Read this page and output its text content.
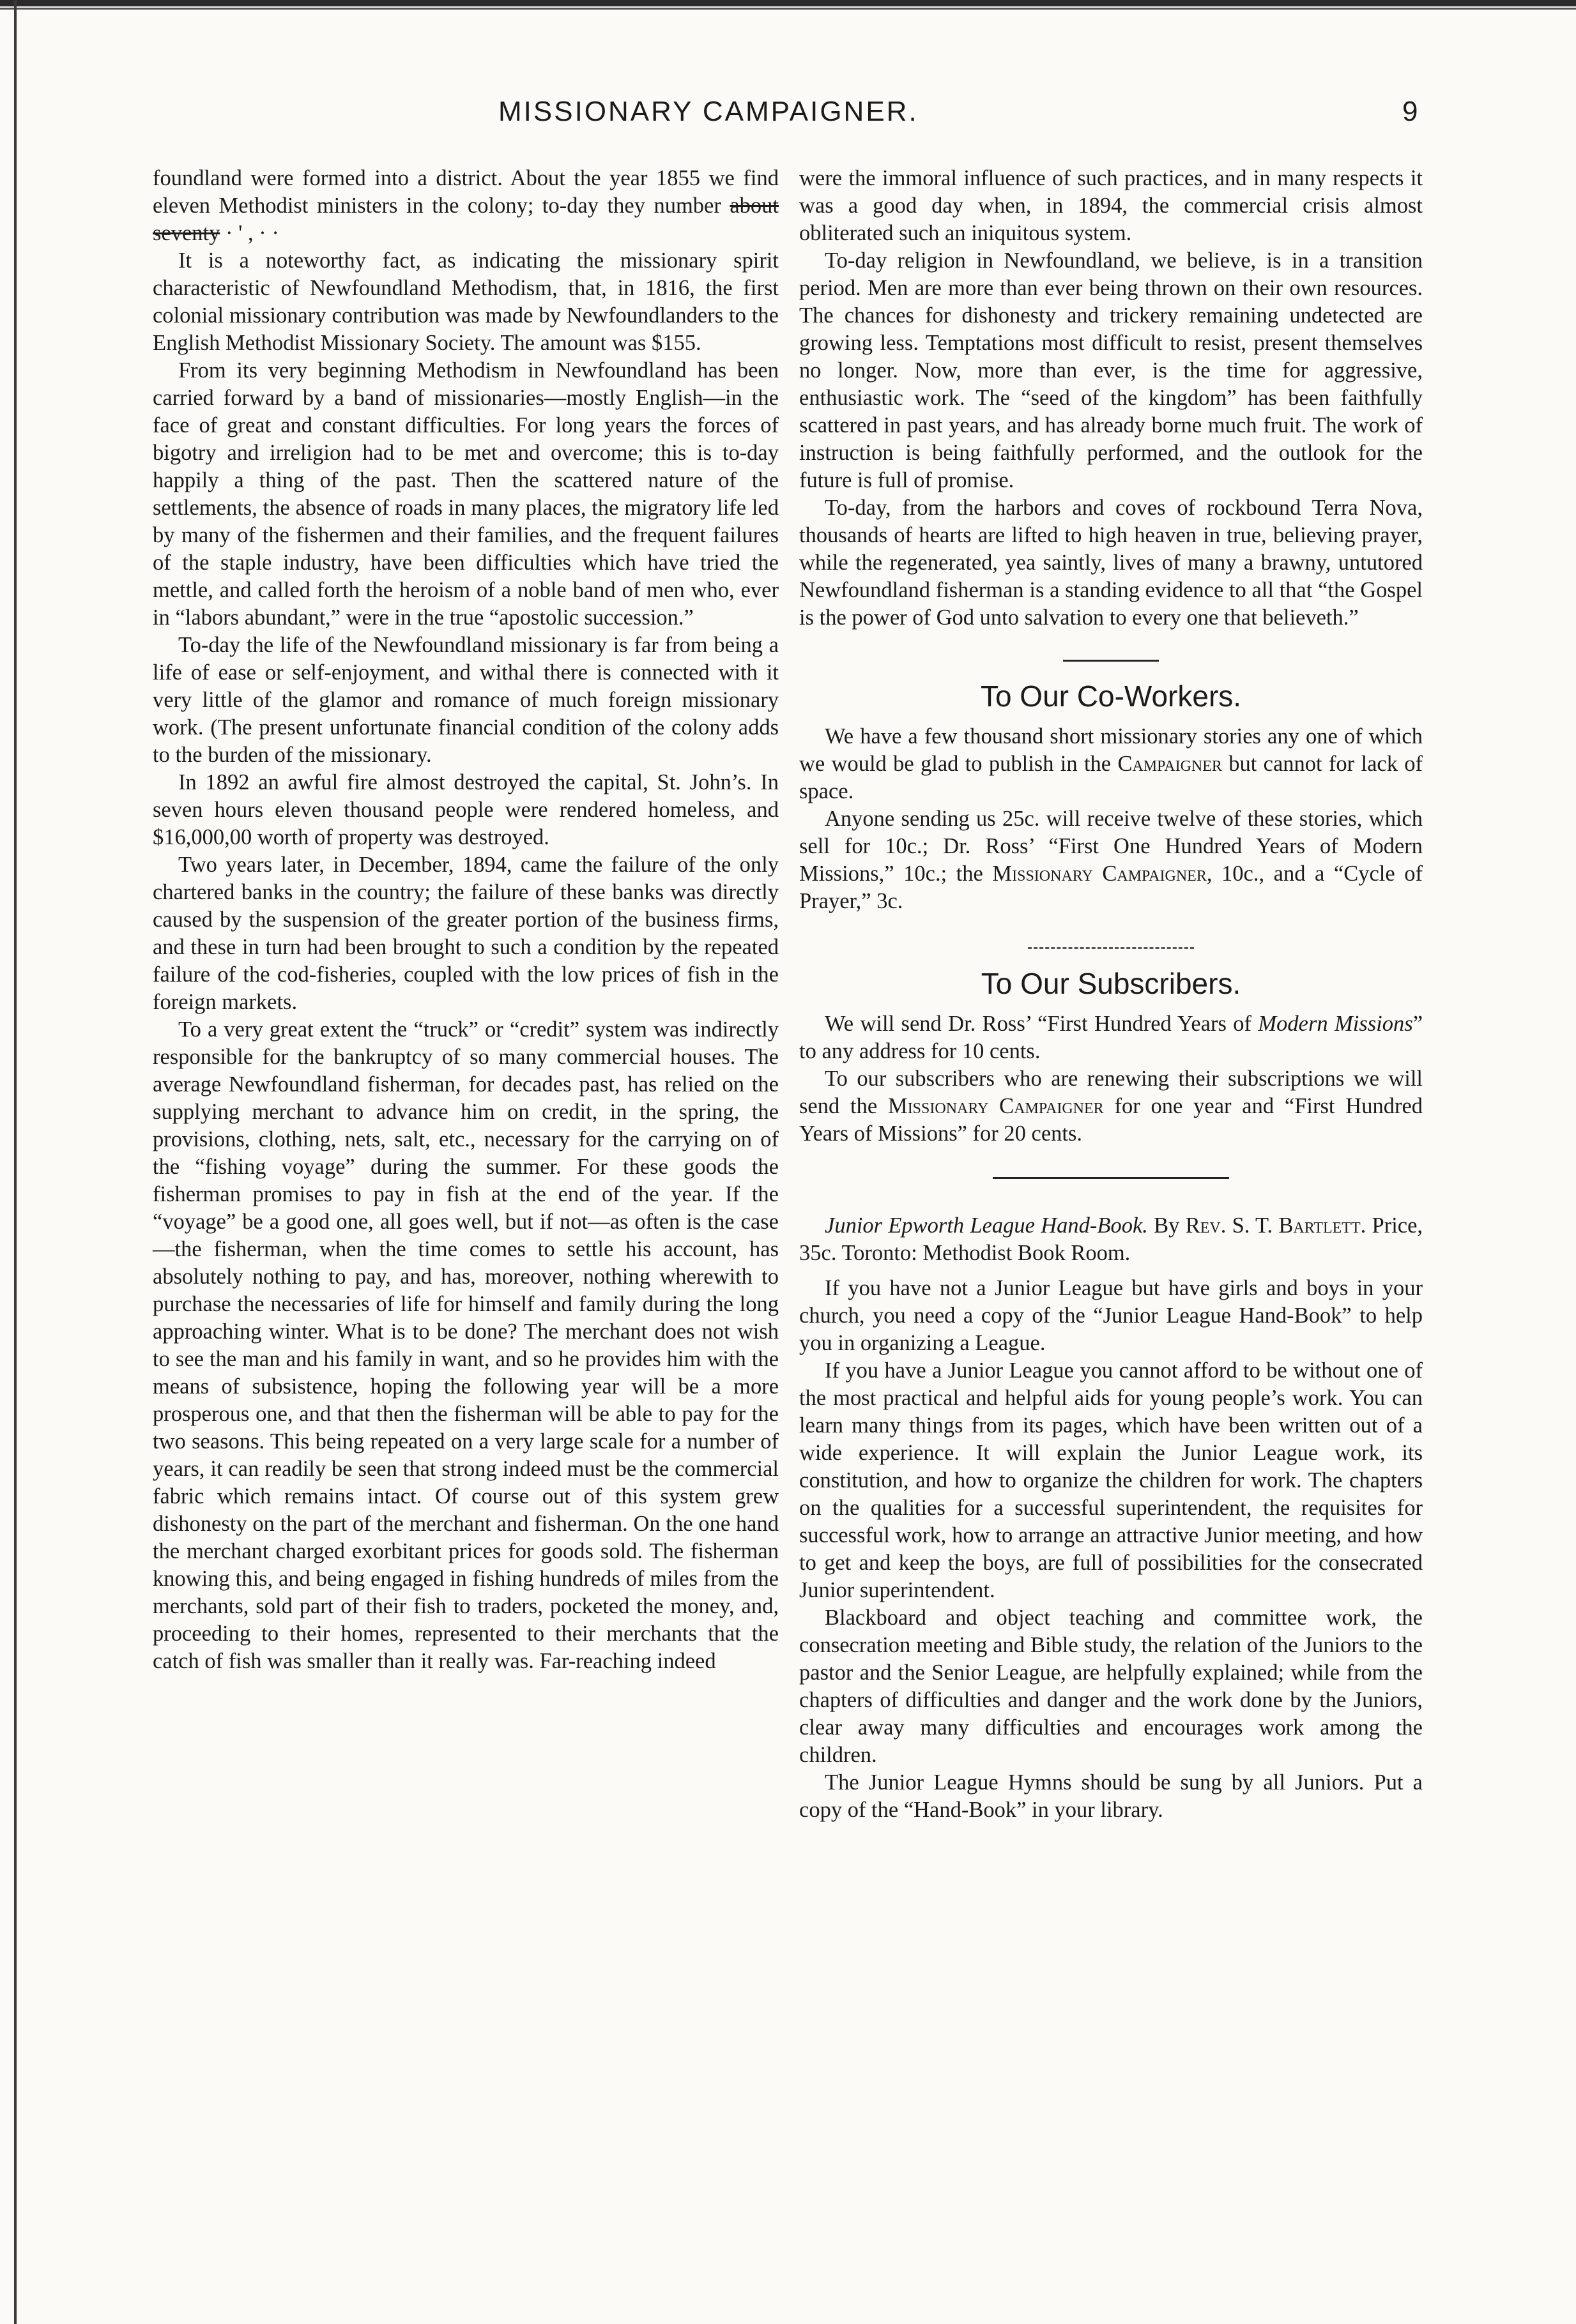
MISSIONARY CAMPAIGNER.	9

foundland were formed into a district. About the year 1855 we find eleven Methodist ministers in the colony; to-day they number about seventy · ' , · ·

It is a noteworthy fact, as indicating the missionary spirit characteristic of Newfoundland Methodism, that, in 1816, the first colonial missionary contribution was made by Newfoundlanders to the English Methodist Missionary Society. The amount was $155.

From its very beginning Methodism in Newfoundland has been carried forward by a band of missionaries—mostly English—in the face of great and constant difficulties. For long years the forces of bigotry and irreligion had to be met and overcome; this is to-day happily a thing of the past. Then the scattered nature of the settlements, the absence of roads in many places, the migratory life led by many of the fishermen and their families, and the frequent failures of the staple industry, have been difficulties which have tried the mettle, and called forth the heroism of a noble band of men who, ever in “labors abundant,” were in the true “apostolic succession.”

To-day the life of the Newfoundland missionary is far from being a life of ease or self-enjoyment, and withal there is connected with it very little of the glamor and romance of much foreign missionary work. (The present unfortunate financial condition of the colony adds to the burden of the missionary.

In 1892 an awful fire almost destroyed the capital, St. John’s. In seven hours eleven thousand people were rendered homeless, and $16,000,00 worth of property was destroyed.

Two years later, in December, 1894, came the failure of the only chartered banks in the country; the failure of these banks was directly caused by the suspension of the greater portion of the business firms, and these in turn had been brought to such a condition by the repeated failure of the cod-fisheries, coupled with the low prices of fish in the foreign markets.

To a very great extent the “truck” or “credit” system was indirectly responsible for the bankruptcy of so many commercial houses. The average Newfoundland fisherman, for decades past, has relied on the supplying merchant to advance him on credit, in the spring, the provisions, clothing, nets, salt, etc., necessary for the carrying on of the “fishing voyage” during the summer. For these goods the fisherman promises to pay in fish at the end of the year. If the “voyage” be a good one, all goes well, but if not—as often is the case—the fisherman, when the time comes to settle his account, has absolutely nothing to pay, and has, moreover, nothing wherewith to purchase the necessaries of life for himself and family during the long approaching winter. What is to be done? The merchant does not wish to see the man and his family in want, and so he provides him with the means of subsistence, hoping the following year will be a more prosperous one, and that then the fisherman will be able to pay for the two seasons. This being repeated on a very large scale for a number of years, it can readily be seen that strong indeed must be the commercial fabric which remains intact. Of course out of this system grew dishonesty on the part of the merchant and fisherman. On the one hand the merchant charged exorbitant prices for goods sold. The fisherman knowing this, and being engaged in fishing hundreds of miles from the merchants, sold part of their fish to traders, pocketed the money, and, proceeding to their homes, represented to their merchants that the catch of fish was smaller than it really was. Far-reaching indeed

were the immoral influence of such practices, and in many respects it was a good day when, in 1894, the commercial crisis almost obliterated such an iniquitous system.

To-day religion in Newfoundland, we believe, is in a transition period. Men are more than ever being thrown on their own resources. The chances for dishonesty and trickery remaining undetected are growing less. Temptations most difficult to resist, present themselves no longer. Now, more than ever, is the time for aggressive, enthusiastic work. The “seed of the kingdom” has been faithfully scattered in past years, and has already borne much fruit. The work of instruction is being faithfully performed, and the outlook for the future is full of promise.

To-day, from the harbors and coves of rockbound Terra Nova, thousands of hearts are lifted to high heaven in true, believing prayer, while the regenerated, yea saintly, lives of many a brawny, untutored Newfoundland fisherman is a standing evidence to all that “the Gospel is the power of God unto salvation to every one that believeth.”

To Our Co-Workers.

We have a few thousand short missionary stories any one of which we would be glad to publish in the Campaigner but cannot for lack of space.

Anyone sending us 25c. will receive twelve of these stories, which sell for 10c.; Dr. Ross’ “First One Hundred Years of Modern Missions,” 10c.; the Missionary Campaigner, 10c., and a “Cycle of Prayer,” 3c.

To Our Subscribers.

We will send Dr. Ross’ “First Hundred Years of Modern Missions” to any address for 10 cents.

To our subscribers who are renewing their subscriptions we will send the Missionary Campaigner for one year and “First Hundred Years of Missions” for 20 cents.

Junior Epworth League Hand-Book. By Rev. S. T. Bartlett. Price, 35c. Toronto: Methodist Book Room.

If you have not a Junior League but have girls and boys in your church, you need a copy of the “Junior League Hand-Book” to help you in organizing a League.

If you have a Junior League you cannot afford to be without one of the most practical and helpful aids for young people’s work. You can learn many things from its pages, which have been written out of a wide experience. It will explain the Junior League work, its constitution, and how to organize the children for work. The chapters on the qualities for a successful superintendent, the requisites for successful work, how to arrange an attractive Junior meeting, and how to get and keep the boys, are full of possibilities for the consecrated Junior superintendent.

Blackboard and object teaching and committee work, the consecration meeting and Bible study, the relation of the Juniors to the pastor and the Senior League, are helpfully explained; while from the chapters of difficulties and danger and the work done by the Juniors, clear away many difficulties and encourages work among the children.

The Junior League Hymns should be sung by all Juniors. Put a copy of the “Hand-Book” in your library.
